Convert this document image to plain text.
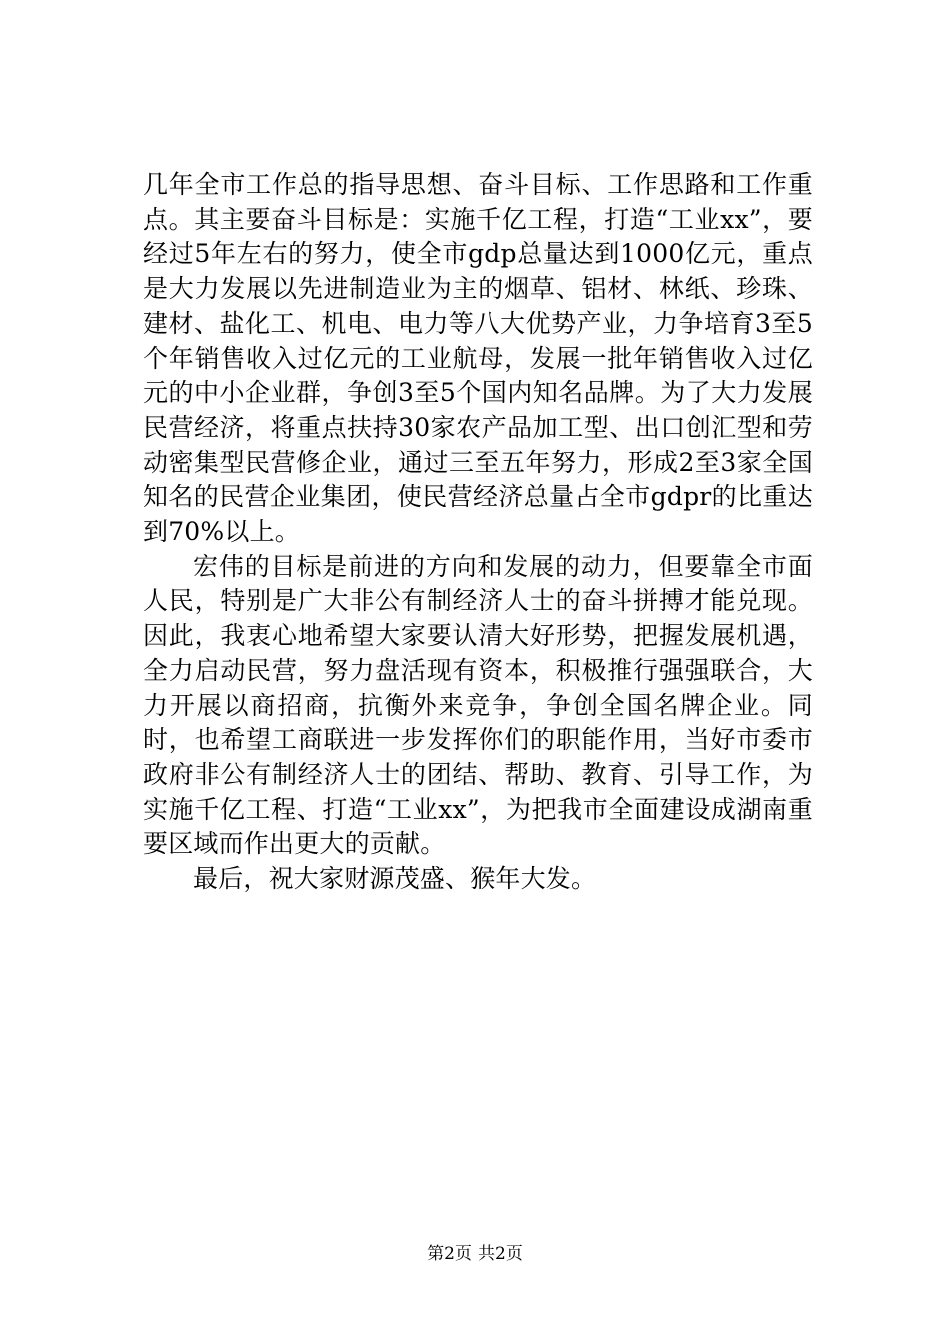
几年全市工作总的指导思想、奋斗目标、工作思路和工作重点。其主要奋斗目标是：实施千亿工程，打造“工业xx”，要经过5年左右的努力，使全市gdp总量达到1000亿元，重点是大力发展以先进制造业为主的烟草、铝材、林纸、珍珠、建材、盐化工、机电、电力等八大优势产业，力争培育3至5个年销售收入过亿元的工业航母，发展一批年销售收入过亿元的中小企业群，争创3至5个国内知名品牌。为了大力发展民营经济，将重点扶持30家农产品加工型、出口创汇型和劳动密集型民营修企业，通过三至五年努力，形成2至3家全国知名的民营企业集团，使民营经济总量占全市gdpr的比重达到70%以上。

宏伟的目标是前进的方向和发展的动力，但要靠全市面人民，特别是广大非公有制经济人士的奋斗拼搏才能兑现。因此，我衷心地希望大家要认清大好形势，把握发展机遇，全力启动民营，努力盘活现有资本，积极推行强强联合，大力开展以商招商，抗衡外来竞争，争创全国名牌企业。同时，也希望工商联进一步发挥你们的职能作用，当好市委市政府非公有制经济人士的团结、帮助、教育、引导工作，为实施千亿工程、打造“工业xx”，为把我市全面建设成湖南重要区域而作出更大的贡献。

最后，祝大家财源茂盛、猴年大发。

第2页 共2页
